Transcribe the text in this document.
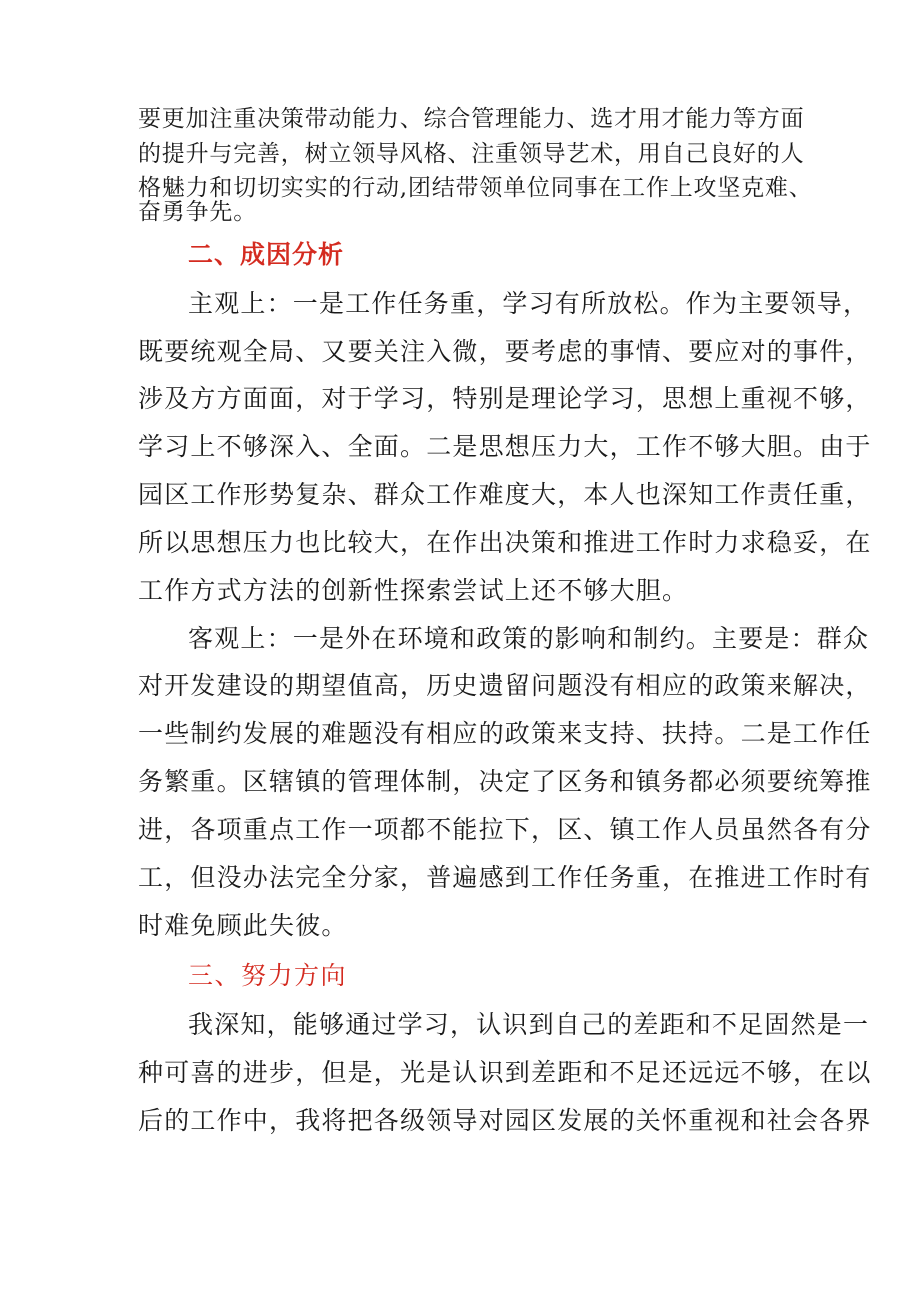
要更加注重决策带动能力、综合管理能力、选才用才能力等方面
的提升与完善，树立领导风格、注重领导艺术，用自己良好的人
格魅力和切切实实的行动,团结带领单位同事在工作上攻坚克难、
奋勇争先。
二、成因分析
主观上：一是工作任务重，学习有所放松。作为主要领导，
既要统观全局、又要关注入微，要考虑的事情、要应对的事件，
涉及方方面面，对于学习，特别是理论学习，思想上重视不够，
学习上不够深入、全面。二是思想压力大，工作不够大胆。由于
园区工作形势复杂、群众工作难度大，本人也深知工作责任重，
所以思想压力也比较大，在作出决策和推进工作时力求稳妥，在
工作方式方法的创新性探索尝试上还不够大胆。
客观上：一是外在环境和政策的影响和制约。主要是：群众
对开发建设的期望值高，历史遗留问题没有相应的政策来解决，
一些制约发展的难题没有相应的政策来支持、扶持。二是工作任
务繁重。区辖镇的管理体制，决定了区务和镇务都必须要统筹推
进，各项重点工作一项都不能拉下，区、镇工作人员虽然各有分
工，但没办法完全分家，普遍感到工作任务重，在推进工作时有
时难免顾此失彼。
三、努力方向
我深知，能够通过学习，认识到自己的差距和不足固然是一
种可喜的进步，但是，光是认识到差距和不足还远远不够，在以
后的工作中，我将把各级领导对园区发展的关怀重视和社会各界
